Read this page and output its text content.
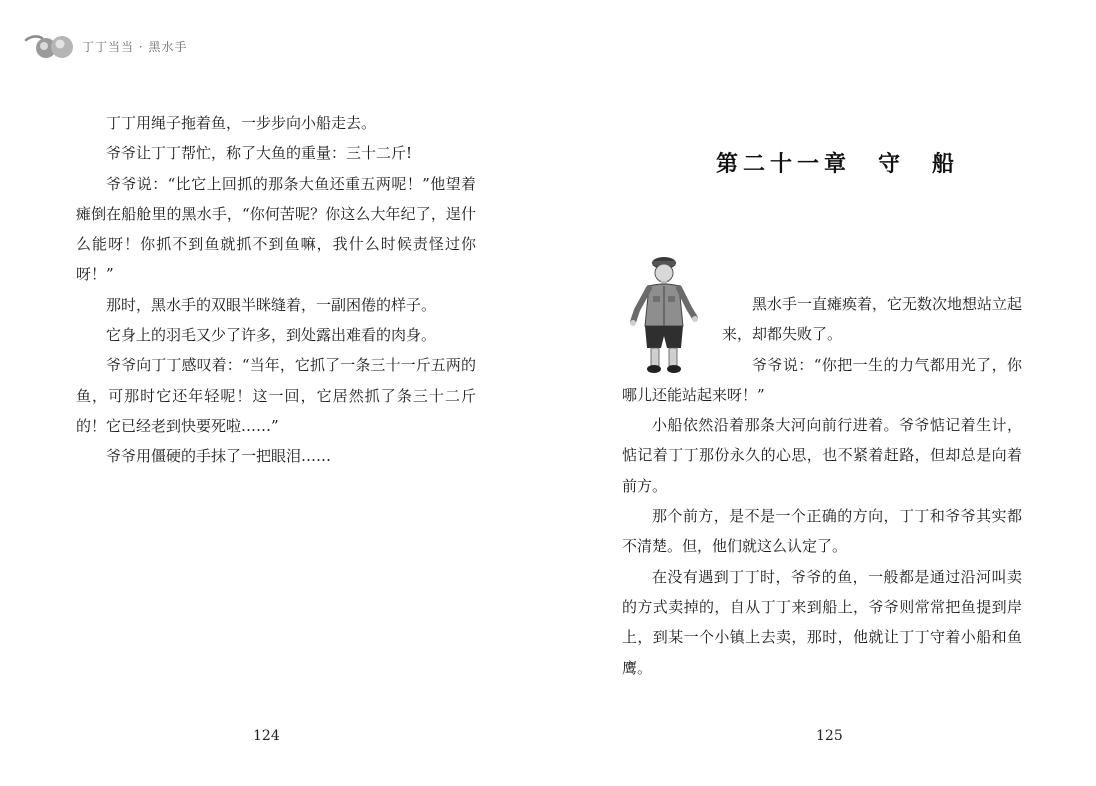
丁丁当当 · 黑水手

丁丁用绳子拖着鱼，一步步向小船走去。

爷爷让丁丁帮忙，称了大鱼的重量：三十二斤!

爷爷说：“比它上回抓的那条大鱼还重五两呢！”他望着瘫倒在船舱里的黑水手，“你何苦呢？你这么大年纪了，逞什么能呀！你抓不到鱼就抓不到鱼嘛，我什么时候责怪过你呀！”

那时，黑水手的双眼半眯缝着，一副困倦的样子。

它身上的羽毛又少了许多，到处露出难看的肉身。

爷爷向丁丁感叹着：“当年，它抓了一条三十一斤五两的鱼，可那时它还年轻呢！这一回，它居然抓了条三十二斤的！它已经老到快要死啦……”

爷爷用僵硬的手抹了一把眼泪……

124
第二十一章　守　船

黑水手一直瘫痪着，它无数次地想站立起来，却都失败了。

爷爷说：“你把一生的力气都用光了，你哪儿还能站起来呀！”

小船依然沿着那条大河向前行进着。爷爷惦记着生计，惦记着丁丁那份永久的心思，也不紧着赶路，但却总是向着前方。

那个前方，是不是一个正确的方向，丁丁和爷爷其实都不清楚。但，他们就这么认定了。

在没有遇到丁丁时，爷爷的鱼，一般都是通过沿河叫卖的方式卖掉的，自从丁丁来到船上，爷爷则常常把鱼提到岸上，到某一个小镇上去卖，那时，他就让丁丁守着小船和鱼鹰。

125
